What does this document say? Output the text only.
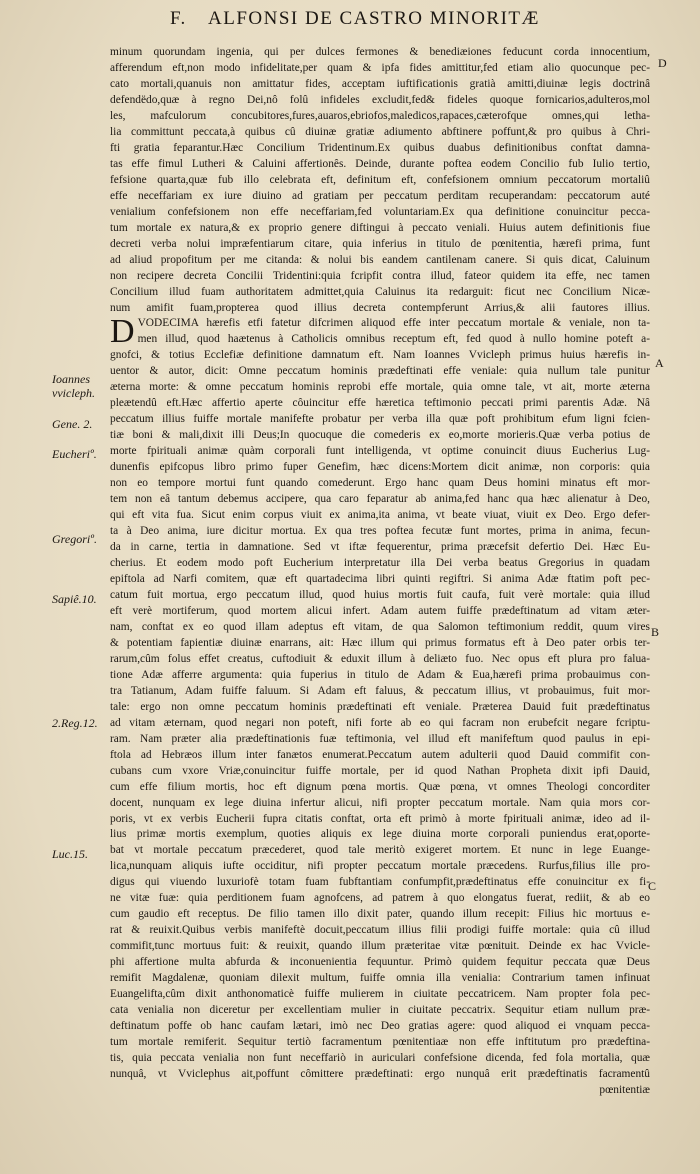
F. ALFONSI DE CASTRO MINORITÆ
Ioannes
vvicleph.
Gene. 2.
Eucheriº.
Gregoriº.
Sapiê.10.
2.Reg.12.
Luc.15.
D
A
B
C
minum quorundam ingenia, qui per dulces fermones & benediæiones feducunt corda innocentium,
afferendum eft,non modo infidelitate,per quam & ipfa fides amittitur,fed etiam alio quocunque pec-
cato mortali,quanuis non amittatur fides, acceptam iuftificationis gratià amitti,diuinæ legis doctrinâ
defendëdo,quæ à regno Dei,nô folû infideles excludit,fed& fideles quoque fornicarios,adulteros,mol
les, mafculorum concubitores,fures,auaros,ebriofos,maledicos,rapaces,cæterofque omnes,qui letha-
lia committunt peccata,à quibus cû diuinæ gratiæ adiumento abftinere poffunt,& pro quibus à Chri-
fti gratia feparantur.Hæc Concilium Tridentinum.Ex quibus duabus definitionibus conftat damna-
tas effe fimul Lutheri & Caluini affertionês. Deinde, durante poftea eodem Concilio fub Iulio tertio,
fefsione quarta,quæ fub illo celebrata eft, definitum eft, confefsionem omnium peccatorum mortaliû
effe neceffariam ex iure diuino ad gratiam per peccatum perditam recuperandam: peccatorum auté
venialium confefsionem non effe neceffariam,fed voluntariam.Ex qua definitione conuincitur pecca-
tum mortale ex natura,& ex proprio genere diftingui à peccato veniali. Huius autem definitionis fiue
decreti verba nolui impræfentiarum citare, quia inferius in titulo de pœnitentia, hærefi prima, funt
ad aliud propofitum per me citanda: & nolui bis eandem cantilenam canere. Si quis dicat, Caluinum
non recipere decreta Concilii Tridentini:quia fcripfit contra illud, fateor quidem ita effe, nec tamen
Concilium illud fuam authoritatem admittet,quia Caluinus ita redarguit: ficut nec Concilium Nicæ-
num amifit fuam,propterea quod illius decreta contempferunt Arrius,& alii fautores illius.
DVODECIMA hærefis etfi fatetur difcrimen aliquod effe inter peccatum mortale & veniale, non ta-
men illud, quod haætenus à Catholicis omnibus receptum eft, fed quod à nullo homine poteft a-
gnofci, & totius Ecclefiæ definitione damnatum eft. Nam Ioannes Vvicleph primus huius hærefis in-
uentor & autor, dicit: Omne peccatum hominis prædeftinati effe veniale: quia nullum tale punitur
æterna morte: & omne peccatum hominis reprobi effe mortale, quia omne tale, vt ait, morte æterna
pleætendû eft.Hæc affertio aperte côuincitur effe hæretica teftimonio peccati primi parentis Adæ. Nâ
peccatum illius fuiffe mortale manifefte probatur per verba illa quæ poft prohibitum efum ligni fcien-
tiæ boni & mali,dixit illi Deus;In quocuque die comederis ex eo,morte morieris.Quæ verba potius de
morte fpirituali animæ quàm corporali funt intelligenda, vt optime conuincit diuus Eucherius Lug-
dunenfis epifcopus libro primo fuper Genefim, hæc dicens:Mortem dicit animæ, non corporis: quia
non eo tempore mortui funt quando comederunt. Ergo hanc quam Deus homini minatus eft mor-
tem non eâ tantum debemus accipere, qua caro feparatur ab anima,fed hanc qua hæc alienatur à Deo,
qui eft vita fua. Sicut enim corpus viuit ex anima,ita anima, vt beate viuat, viuit ex Deo. Ergo defer-
ta à Deo anima, iure dicitur mortua. Ex qua tres poftea fecutæ funt mortes, prima in anima, fecun-
da in carne, tertia in damnatione. Sed vt iftæ fequerentur, prima præcefsit defertio Dei. Hæc Eu-
cherius. Et eodem modo poft Eucherium interpretatur illa Dei verba beatus Gregorius in quadam
epiftola ad Narfi comitem, quæ eft quartadecima libri quinti regiftri. Si anima Adæ ftatim poft pec-
catum fuit mortua, ergo peccatum illud, quod huius mortis fuit caufa, fuit verè mortale: quia illud
eft verè mortiferum, quod mortem alicui infert. Adam autem fuiffe prædeftinatum ad vitam æter-
nam, conftat ex eo quod illam adeptus eft vitam, de qua Salomon teftimonium reddit, quum vires
& potentiam fapientiæ diuinæ enarrans, ait: Hæc illum qui primus formatus eft à Deo pater orbis ter-
rarum,cûm folus effet creatus, cuftodiuit & eduxit illum à deliæto fuo. Nec opus eft plura pro falua-
tione Adæ afferre argumenta: quia fuperius in titulo de Adam & Eua,hærefi prima probauimus con-
tra Tatianum, Adam fuiffe faluum. Si Adam eft faluus, & peccatum illius, vt probauimus, fuit mor-
tale: ergo non omne peccatum hominis prædeftinati eft veniale. Præterea Dauid fuit prædeftinatus
ad vitam æternam, quod negari non poteft, nifi forte ab eo qui facram non erubefcit negare fcriptu-
ram. Nam præter alia prædeftinationis fuæ teftimonia, vel illud eft manifeftum quod paulus in epi-
ftola ad Hebræos illum inter fanætos enumerat.Peccatum autem adulterii quod Dauid commifit con-
cubans cum vxore Vriæ,conuincitur fuiffe mortale, per id quod Nathan Propheta dixit ipfi Dauid,
cum effe filium mortis, hoc eft dignum pœna mortis. Quæ pœna, vt omnes Theologi concorditer
docent, nunquam ex lege diuina infertur alicui, nifi propter peccatum mortale. Nam quia mors cor-
poris, vt ex verbis Eucherii fupra citatis conftat, orta eft primò à morte fpirituali animæ, ideo ad il-
lius primæ mortis exemplum, quoties aliquis ex lege diuina morte corporali puniendus erat,oporte-
bat vt mortale peccatum præcederet, quod tale meritò exigeret mortem. Et nunc in lege Euange-
lica,nunquam aliquis iufte occiditur, nifi propter peccatum mortale præcedens. Rurfus,filius ille pro-
digus qui viuendo luxuriofè totam fuam fubftantiam confumpfit,prædeftinatus effe conuincitur ex fi-
ne vitæ fuæ: quia perditionem fuam agnofcens, ad patrem à quo elongatus fuerat, rediit, & ab eo
cum gaudio eft receptus. De filio tamen illo dixit pater, quando illum recepit: Filius hic mortuus e-
rat & reuixit.Quibus verbis manifeftè docuit,peccatum illius filii prodigi fuiffe mortale: quia cû illud
commifit,tunc mortuus fuit: & reuixit, quando illum præteritae vitæ pœnituit. Deinde ex hac Vvicle-
phi affertione multa abfurda & inconuenientia fequuntur. Primò quidem fequitur peccata quæ Deus
remifit Magdalenæ, quoniam dilexit multum, fuiffe omnia illa venialia: Contrarium tamen infinuat
Euangelifta,cûm dixit anthonomaticè fuiffe mulierem in ciuitate peccatricem. Nam propter fola pec-
cata venialia non diceretur per excellentiam mulier in ciuitate peccatrix. Sequitur etiam nullum præ-
deftinatum poffe ob hanc caufam lætari, imò nec Deo gratias agere: quod aliquod ei vnquam pecca-
tum mortale remiferit. Sequitur tertiò facramentum pœnitentiaæ non effe inftitutum pro prædeftina-
tis, quia peccata venialia non funt neceffariò in auriculari confefsione dicenda, fed fola mortalia, quæ
nunquâ, vt Vviclephus ait,poffunt cômittere prædeftinati: ergo nunquâ erit prædeftinatis facramentû
pœnitentiæ
